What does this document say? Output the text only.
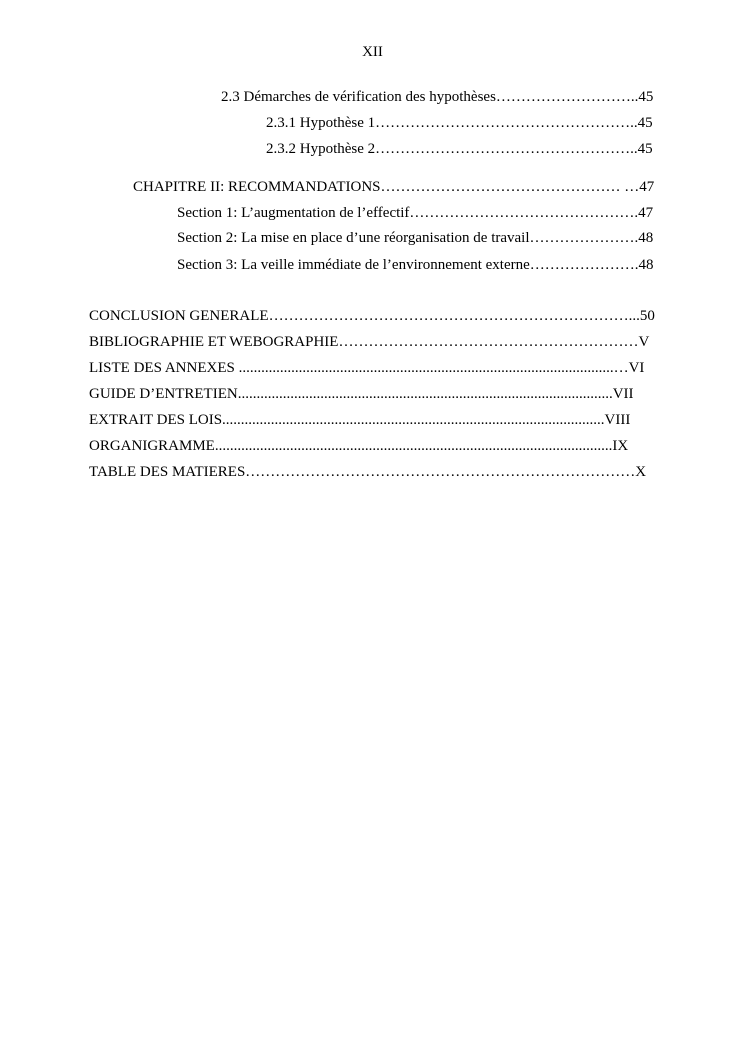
XII
2.3 Démarches de vérification des hypothèses………………………..45
2.3.1 Hypothèse 1……………………………………………..45
2.3.2 Hypothèse 2……………………………………………..45
CHAPITRE II: RECOMMANDATIONS………………………………………… …47
Section 1: L’augmentation de l’effectif……………………………………….47
Section 2: La mise en place d’une réorganisation de travail………………….48
Section 3: La veille immédiate de l’environnement externe………………….48
CONCLUSION GENERALE………………………………………………………………...50
BIBLIOGRAPHIE ET WEBOGRAPHIE……………………………………………………V
LISTE DES ANNEXES ....................................................................................................…VI
GUIDE D’ENTRETIEN....................................................................................................VII
EXTRAIT DES LOIS......................................................................................................VIII
ORGANIGRAMME..........................................................................................................IX
TABLE DES MATIERES……………………………………………………………………X
